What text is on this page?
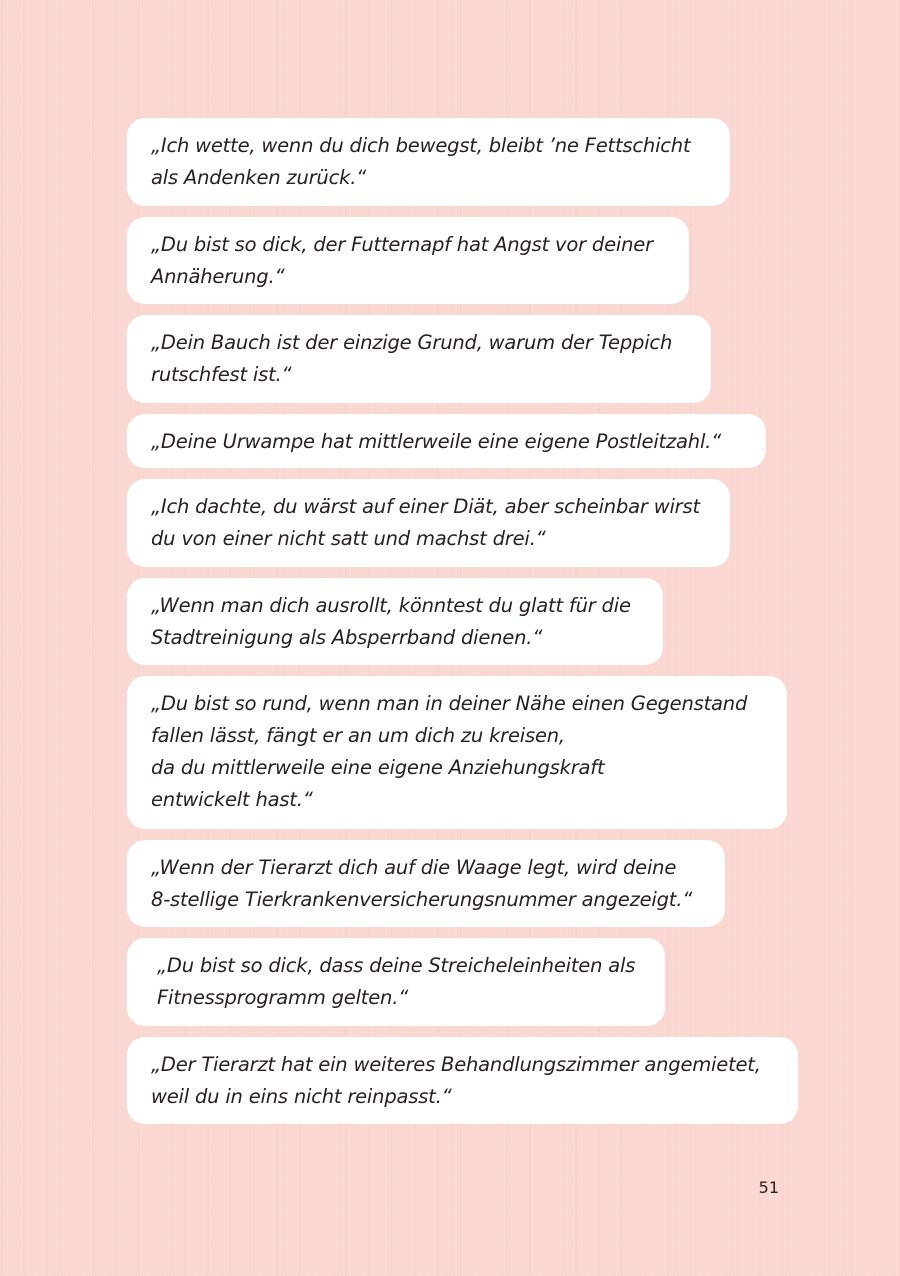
„Ich wette, wenn du dich bewegst, bleibt ’ne Fettschicht
als Andenken zurück.“
„Du bist so dick, der Futternapf hat Angst vor deiner
Annäherung.“
„Dein Bauch ist der einzige Grund, warum der Teppich
rutschfest ist.“
„Deine Urwampe hat mittlerweile eine eigene Postleitzahl.“
„Ich dachte, du wärst auf einer Diät, aber scheinbar wirst
du von einer nicht satt und machst drei.“
„Wenn man dich ausrollt, könntest du glatt für die
Stadtreinigung als Absperrband dienen.“
„Du bist so rund, wenn man in deiner Nähe einen Gegenstand
fallen lässt, fängt er an um dich zu kreisen,
da du mittlerweile eine eigene Anziehungskraft
entwickelt hast.“
„Wenn der Tierarzt dich auf die Waage legt, wird deine
8-stellige Tierkrankenversicherungsnummer angezeigt.“
„Du bist so dick, dass deine Streicheleinheiten als
Fitnessprogramm gelten.“
„Der Tierarzt hat ein weiteres Behandlungszimmer angemietet,
weil du in eins nicht reinpasst.“
51
